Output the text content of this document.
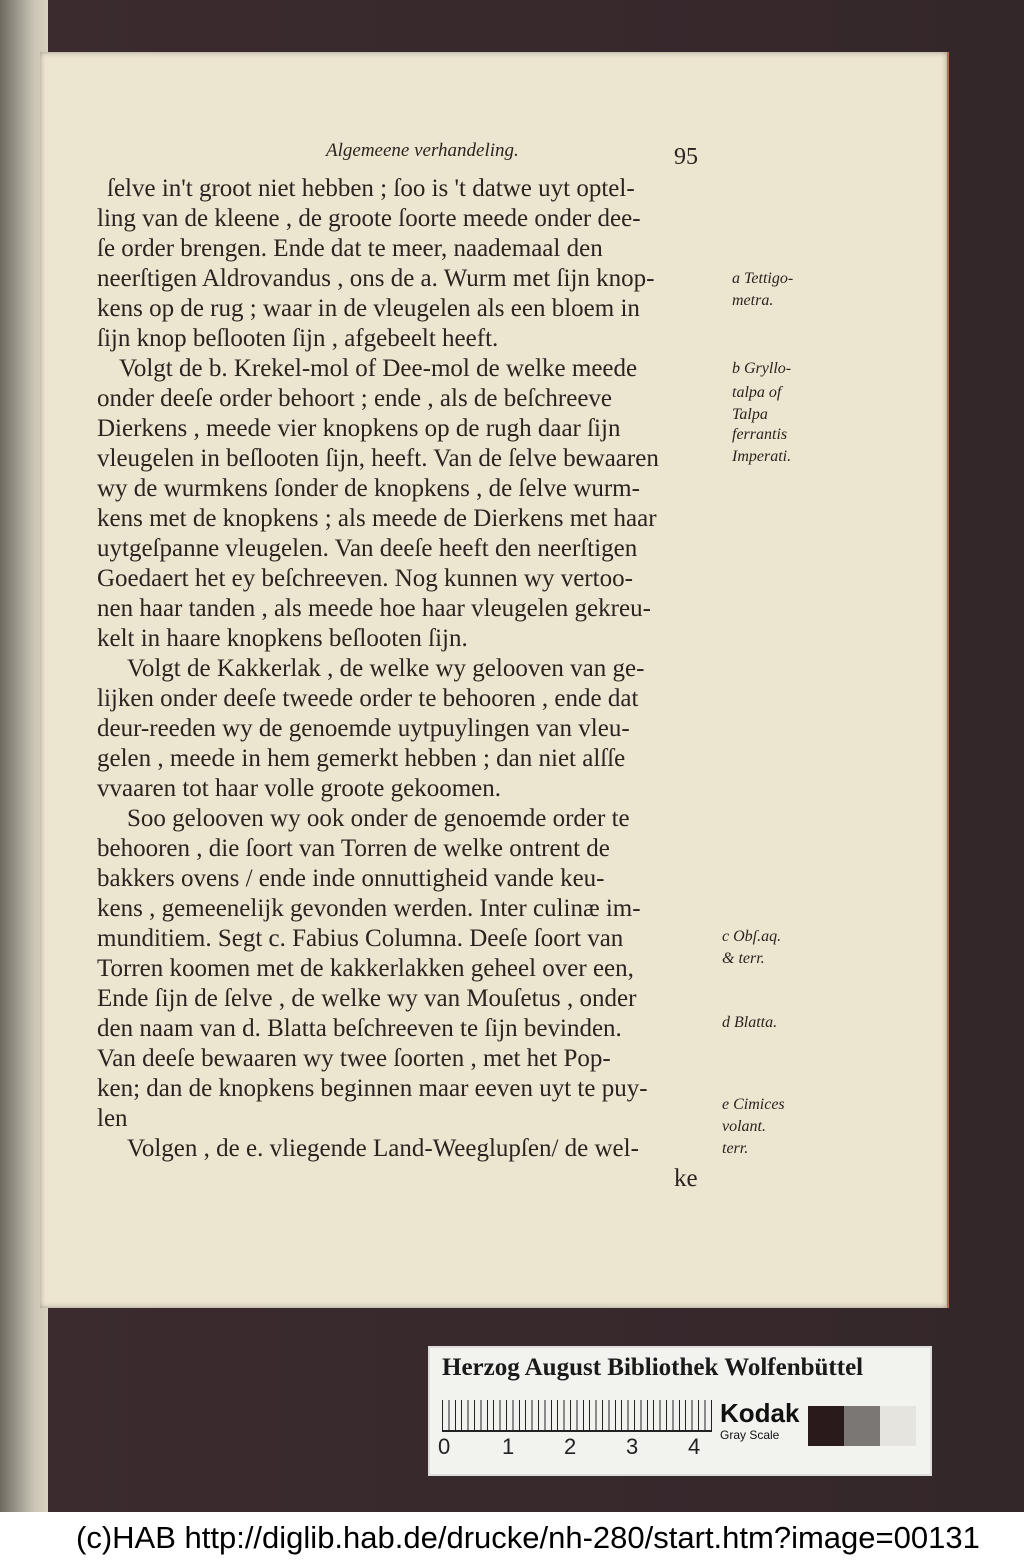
Algemeene verhandeling.	95
ſelve in't groot niet hebben ; ſoo is 't datwe uyt optel-
ling van de kleene , de groote ſoorte meede onder dee-
ſe order brengen. Ende dat te meer, naademaal den
neerſtigen Aldrovandus , ons de a. Wurm met ſijn knop-
kens op de rug ; waar in de vleugelen als een bloem in
ſijn knop beſlooten ſijn , afgebeelt heeft.
Volgt de b. Krekel-mol of Dee-mol de welke meede
onder deeſe order behoort ; ende , als de beſchreeve
Dierkens , meede vier knopkens op de rugh daar ſijn
vleugelen in beſlooten ſijn, heeft. Van de ſelve bewaaren
wy de wurmkens ſonder de knopkens , de ſelve wurm-
kens met de knopkens ; als meede de Dierkens met haar
uytgeſpanne vleugelen. Van deeſe heeft den neerſtigen
Goedaert het ey beſchreeven. Nog kunnen wy vertoo-
nen haar tanden , als meede hoe haar vleugelen gekreu-
kelt in haare knopkens beſlooten ſijn.
Volgt de Kakkerlak , de welke wy gelooven van ge-
lijken onder deeſe tweede order te behooren , ende dat
deur-reeden wy de genoemde uytpuylingen van vleu-
gelen , meede in hem gemerkt hebben ; dan niet alſſe
vvaaren tot haar volle groote gekoomen.
Soo gelooven wy ook onder de genoemde order te
behooren , die ſoort van Torren de welke ontrent de
bakkers ovens / ende inde onnuttigheid vande keu-
kens , gemeenelijk gevonden werden. Inter culinæ im-
munditiem. Segt c. Fabius Columna. Deeſe ſoort van
Torren koomen met de kakkerlakken geheel over een,
Ende ſijn de ſelve , de welke wy van Mouſetus , onder
den naam van d. Blatta beſchreeven te ſijn bevinden.
Van deeſe bewaaren wy twee ſoorten , met het Pop-
ken; dan de knopkens beginnen maar eeven uyt te puy-
len
Volgen , de e. vliegende Land-Weeglupſen/ de wel-
ke
a Tettigo-
metra.
b Gryllo-
talpa of
Talpa
ferrantis
Imperati.
c Obſ.aq.
& terr.
d Blatta.
e Cimices
volant.
terr.
Herzog August Bibliothek Wolfenbüttel
0 1 2 3 4
Kodak
Gray Scale
(c)HAB http://diglib.hab.de/drucke/nh-280/start.htm?image=00131
